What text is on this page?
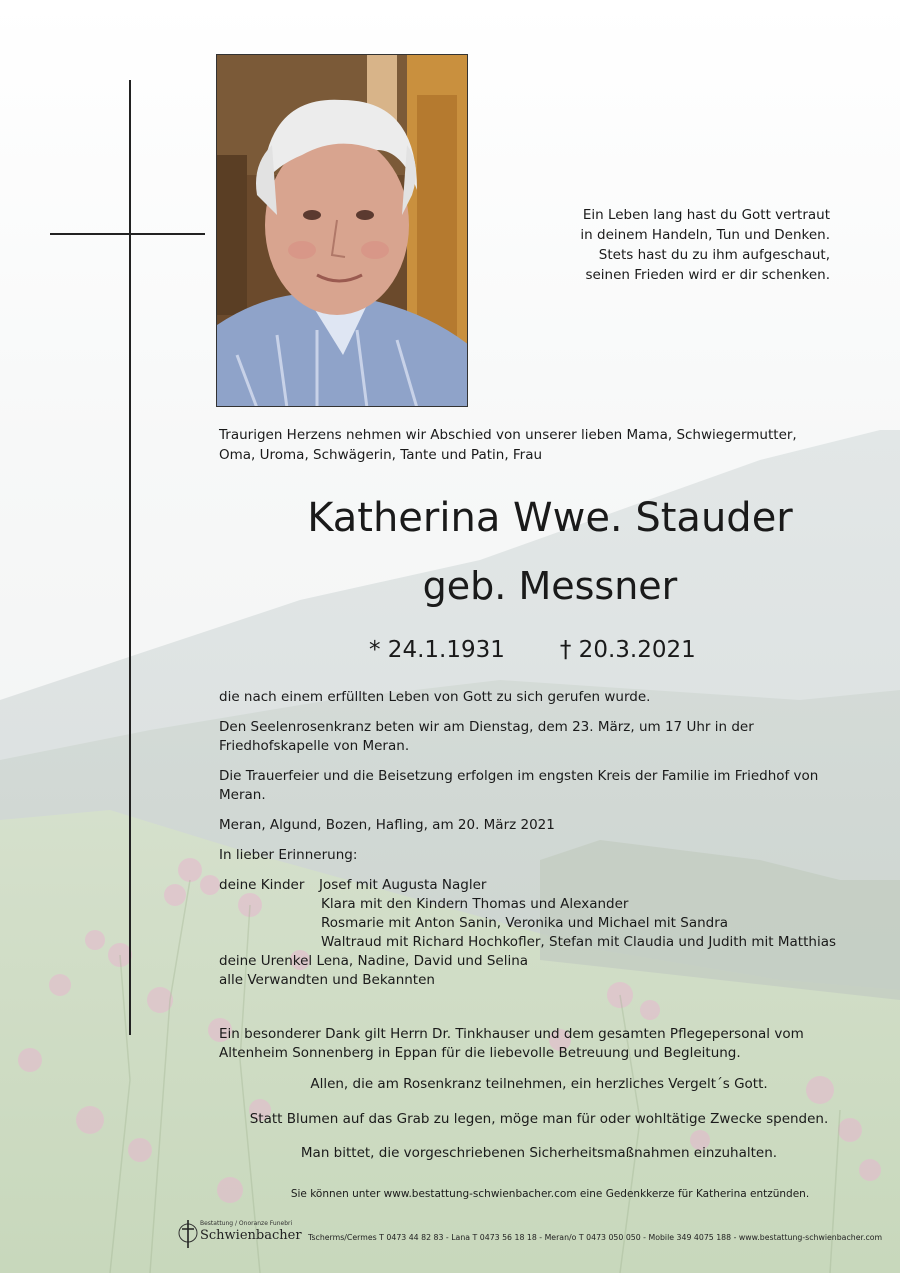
Ein Leben lang hast du Gott vertraut
in deinem Handeln, Tun und Denken.
Stets hast du zu ihm aufgeschaut,
seinen Frieden wird er dir schenken.
Traurigen Herzens nehmen wir Abschied von unserer lieben Mama, Schwiegermutter,
Oma, Uroma, Schwägerin, Tante und Patin, Frau
Katherina Wwe. Stauder
geb. Messner
* 24.1.1931 † 20.3.2021

die nach einem erfüllten Leben von Gott zu sich gerufen wurde.

Den Seelenrosenkranz beten wir am Dienstag, dem 23. März, um 17 Uhr in der
Friedhofskapelle von Meran.

Die Trauerfeier und die Beisetzung erfolgen im engsten Kreis der Familie im Friedhof von
Meran.

Meran, Algund, Bozen, Hafling, am 20. März 2021

In lieber Erinnerung:
deine Kinder	Josef mit Augusta Nagler
Klara mit den Kindern Thomas und Alexander
Rosmarie mit Anton Sanin, Veronika und Michael mit Sandra
Waltraud mit Richard Hochkofler, Stefan mit Claudia und Judith mit Matthias
deine Urenkel Lena, Nadine, David und Selina
alle Verwandten und Bekannten
Ein besonderer Dank gilt Herrn Dr. Tinkhauser und dem gesamten Pflegepersonal vom
Altenheim Sonnenberg in Eppan für die liebevolle Betreuung und Begleitung.
Allen, die am Rosenkranz teilnehmen, ein herzliches Vergelt´s Gott.
Statt Blumen auf das Grab zu legen, möge man für oder wohltätige Zwecke spenden.
Man bittet, die vorgeschriebenen Sicherheitsmaßnahmen einzuhalten.
Sie können unter www.bestattung-schwienbacher.com eine Gedenkkerze für Katherina entzünden.
Bestattung / Onoranze Funebri
Schwienbacher Tscherms/Cermes T 0473 44 82 83 - Lana T 0473 56 18 18 - Meran/o T 0473 050 050 - Mobile 349 4075 188 - www.bestattung-schwienbacher.com
